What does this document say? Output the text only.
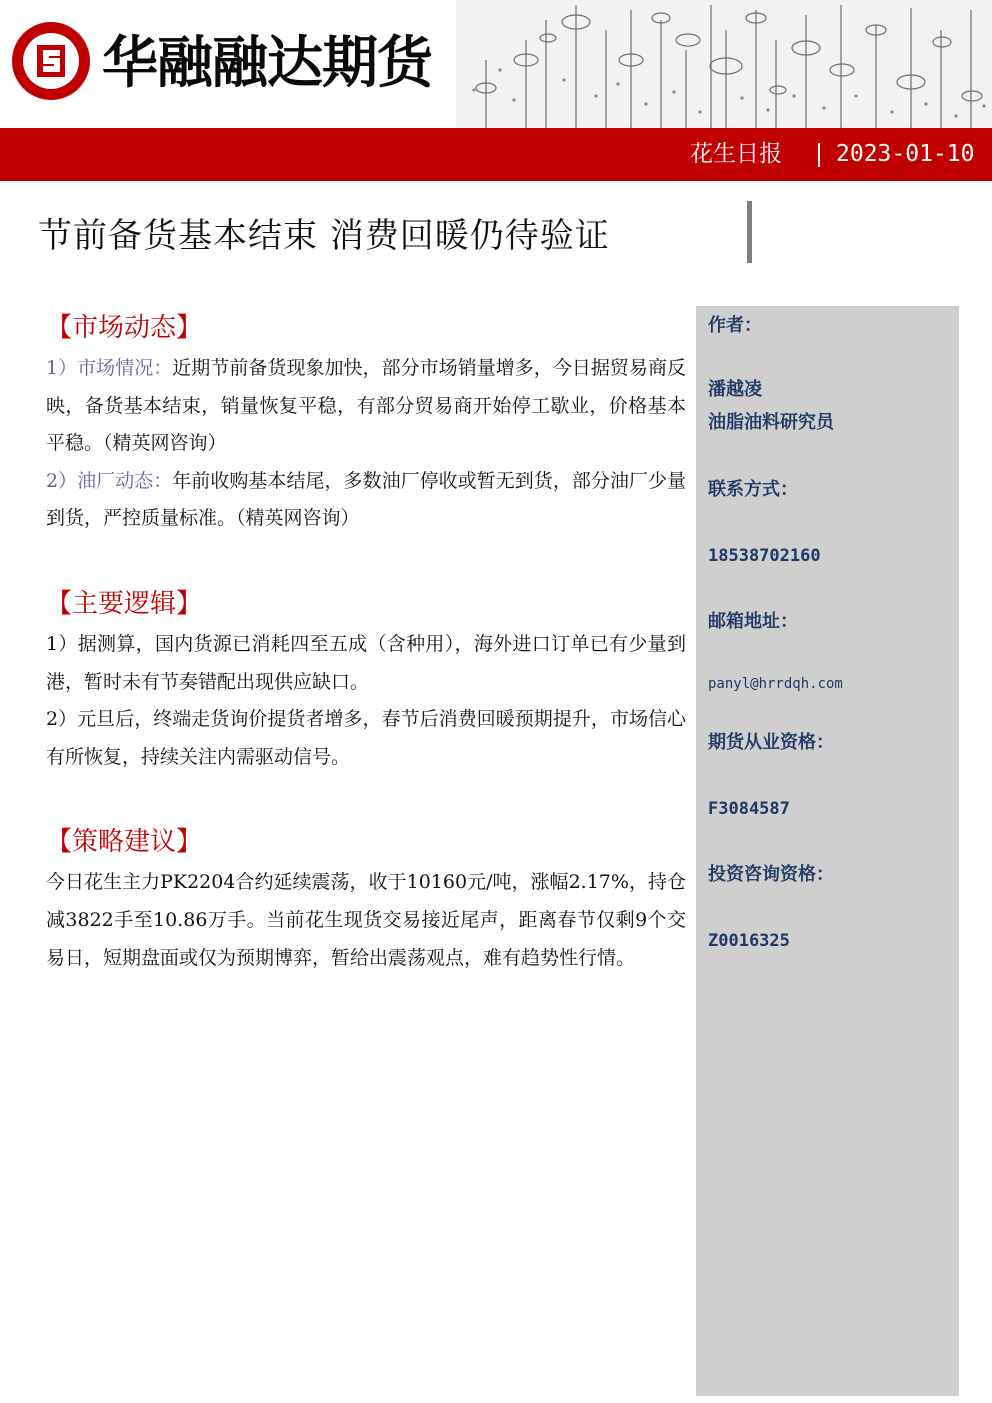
华融融达期货
花生日报 2023-01-10
节前备货基本结束 消费回暖仍待验证
【市场动态】

1）市场情况：近期节前备货现象加快，部分市场销量增多，今日据贸易商反映，备货基本结束，销量恢复平稳，有部分贸易商开始停工歇业，价格基本平稳。（精英网咨询）

2）油厂动态：年前收购基本结尾，多数油厂停收或暂无到货，部分油厂少量到货，严控质量标准。（精英网咨询）

【主要逻辑】

1）据测算，国内货源已消耗四至五成（含种用），海外进口订单已有少量到港，暂时未有节奏错配出现供应缺口。

2）元旦后，终端走货询价提货者增多，春节后消费回暖预期提升，市场信心有所恢复，持续关注内需驱动信号。

【策略建议】

今日花生主力PK2204合约延续震荡，收于10160元/吨，涨幅2.17%，持仓减3822手至10.86万手。当前花生现货交易接近尾声，距离春节仅剩9个交易日，短期盘面或仅为预期博弈，暂给出震荡观点，难有趋势性行情。

作者：
潘越凌
油脂油料研究员
联系方式：
18538702160
邮箱地址：
panyl@hrrdqh.com
期货从业资格：
F3084587
投资咨询资格：
Z0016325
